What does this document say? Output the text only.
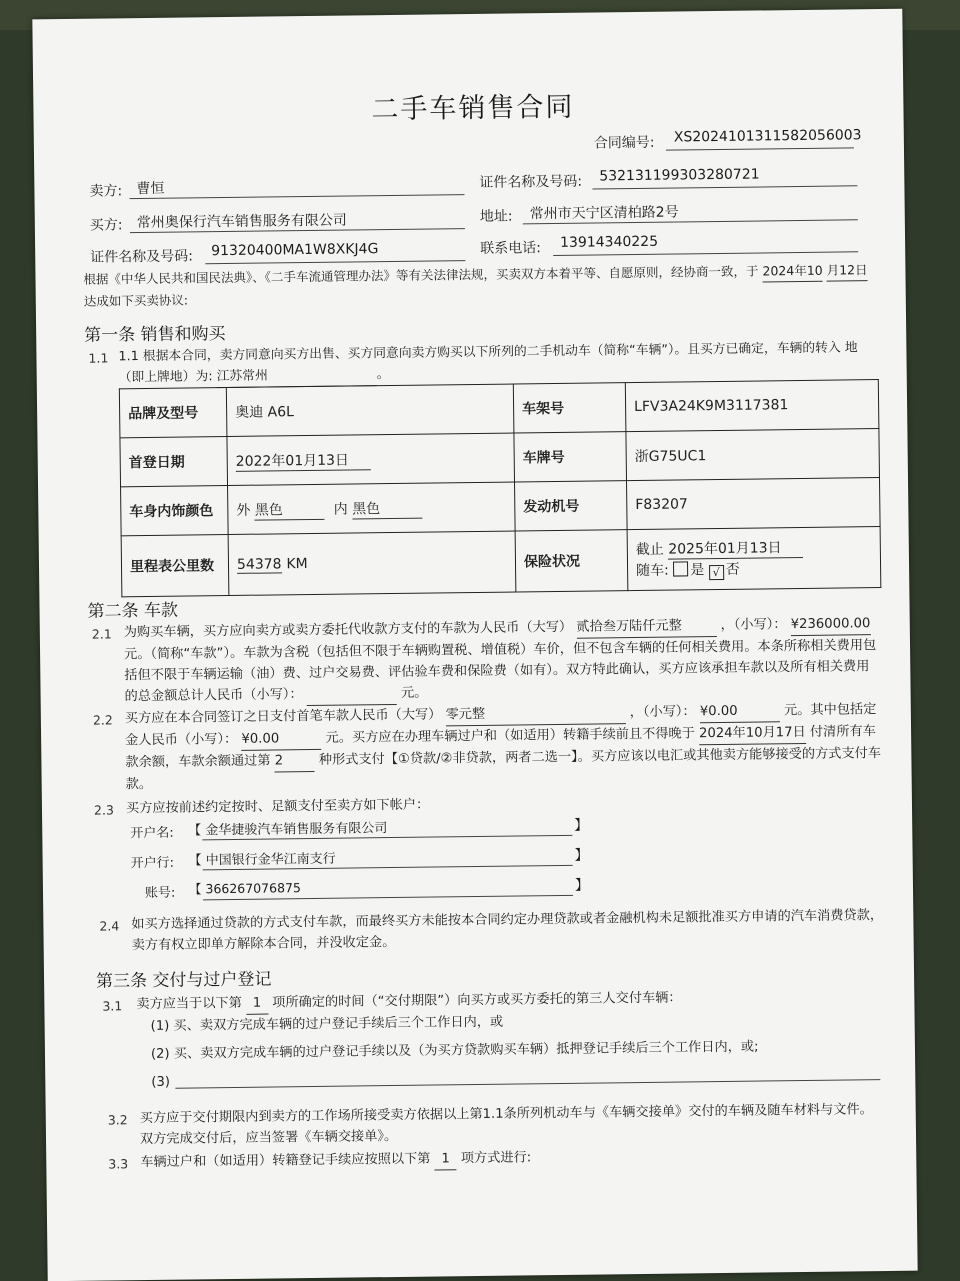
二手车销售合同
合同编号: XS20241013115820560​03
卖方: 曹恒	证件名称及号码: 532131199303280721
买方: 常州奥保行汽车销售服务有限公司	地址: 常州市天宁区清柏路2号
证件名称及号码: 91320400MA1W8XKJ4G	联系电话: 13914340225
根据《中华人民共和国民法典》、《二手车流通管理办法》等有关法律法规，买卖双方本着平等、自愿原则，经协商一致，于 2024年10 月12日 达成如下买卖协议:
第一条 销售和购买
1.1 1.1 根据本合同，卖方同意向买方出售、买方同意向卖方购买以下所列的二手机动车（简称“车辆”）。且买方已确定，车辆的转入 地（即上牌地）为: 江苏常州	。
品牌及型号	奥迪 A6L	车架号	LFV3A24K9M3117381
首登日期	2022年01月13日	车牌号	浙G75UC1
车身内饰颜色	外 黑色 内 黑色	发动机号	F83207
里程表公里数	54378 KM	保险状况	截止 2025年01月13日
随车: 是 √ 否
第二条 车款
2.1 为购买车辆，买方应向卖方或卖方委托代收款方支付的车款为人民币（大写） 贰拾叁万陆仟元整	，（小写）： ¥236000.00 元。（简称“车款”）。车款为含税（包括但不限于车辆购置税、增值税）车价，但不包含车辆的任何相关费用。本条所称相关费用包括但不限于车辆运输（油）费、过户交易费、评估验车费和保险费（如有）。双方特此确认，买方应该承担车款以及所有相关费用的总金额总计人民币（小写）：	元。
2.2 买方应在本合同签订之日支付首笔车款人民币（大写） 零元整	，（小写）： ¥0.00	元。其中包括定金人民币（小写）： ¥0.00	元。买方应在办理车辆过户和（如适用）转籍手续前且不得晚于 2024年10月17日 付清所有车款余额，车款余额通过第 2	种形式支付【①贷款/②非贷款，两者二选一】。买方应该以电汇或其他卖方能够接受的方式支付车款。
2.3 买方应按前述约定按时、足额支付至卖方如下帐户：
开户名: 【 金华捷骏汽车销售服务有限公司	】
开户行: 【 中国银行金华江南支行	】
账号: 【 366267076875	】
2.4 如买方选择通过贷款的方式支付车款，而最终买方未能按本合同约定办理贷款或者金融机构未足额批准买方申请的汽车消费贷款，卖方有权立即单方解除本合同，并没收定金。
第三条 交付与过户登记
3.1 卖方应当于以下第 1 项所确定的时间（“交付期限”）向买方或买方委托的第三人交付车辆：
(1) 买、卖双方完成车辆的过户登记手续后三个工作日内，或
(2) 买、卖双方完成车辆的过户登记手续以及（为买方贷款购买车辆）抵押登记手续后三个工作日内，或;
(3)
3.2 买方应于交付期限内到卖方的工作场所接受卖方依据以上第1.1条所列机动车与《车辆交接单》交付的车辆及随车材料与文件。双方完成交付后，应当签署《车辆交接单》。
3.3 车辆过户和（如适用）转籍登记手续应按照以下第 1 项方式进行:
